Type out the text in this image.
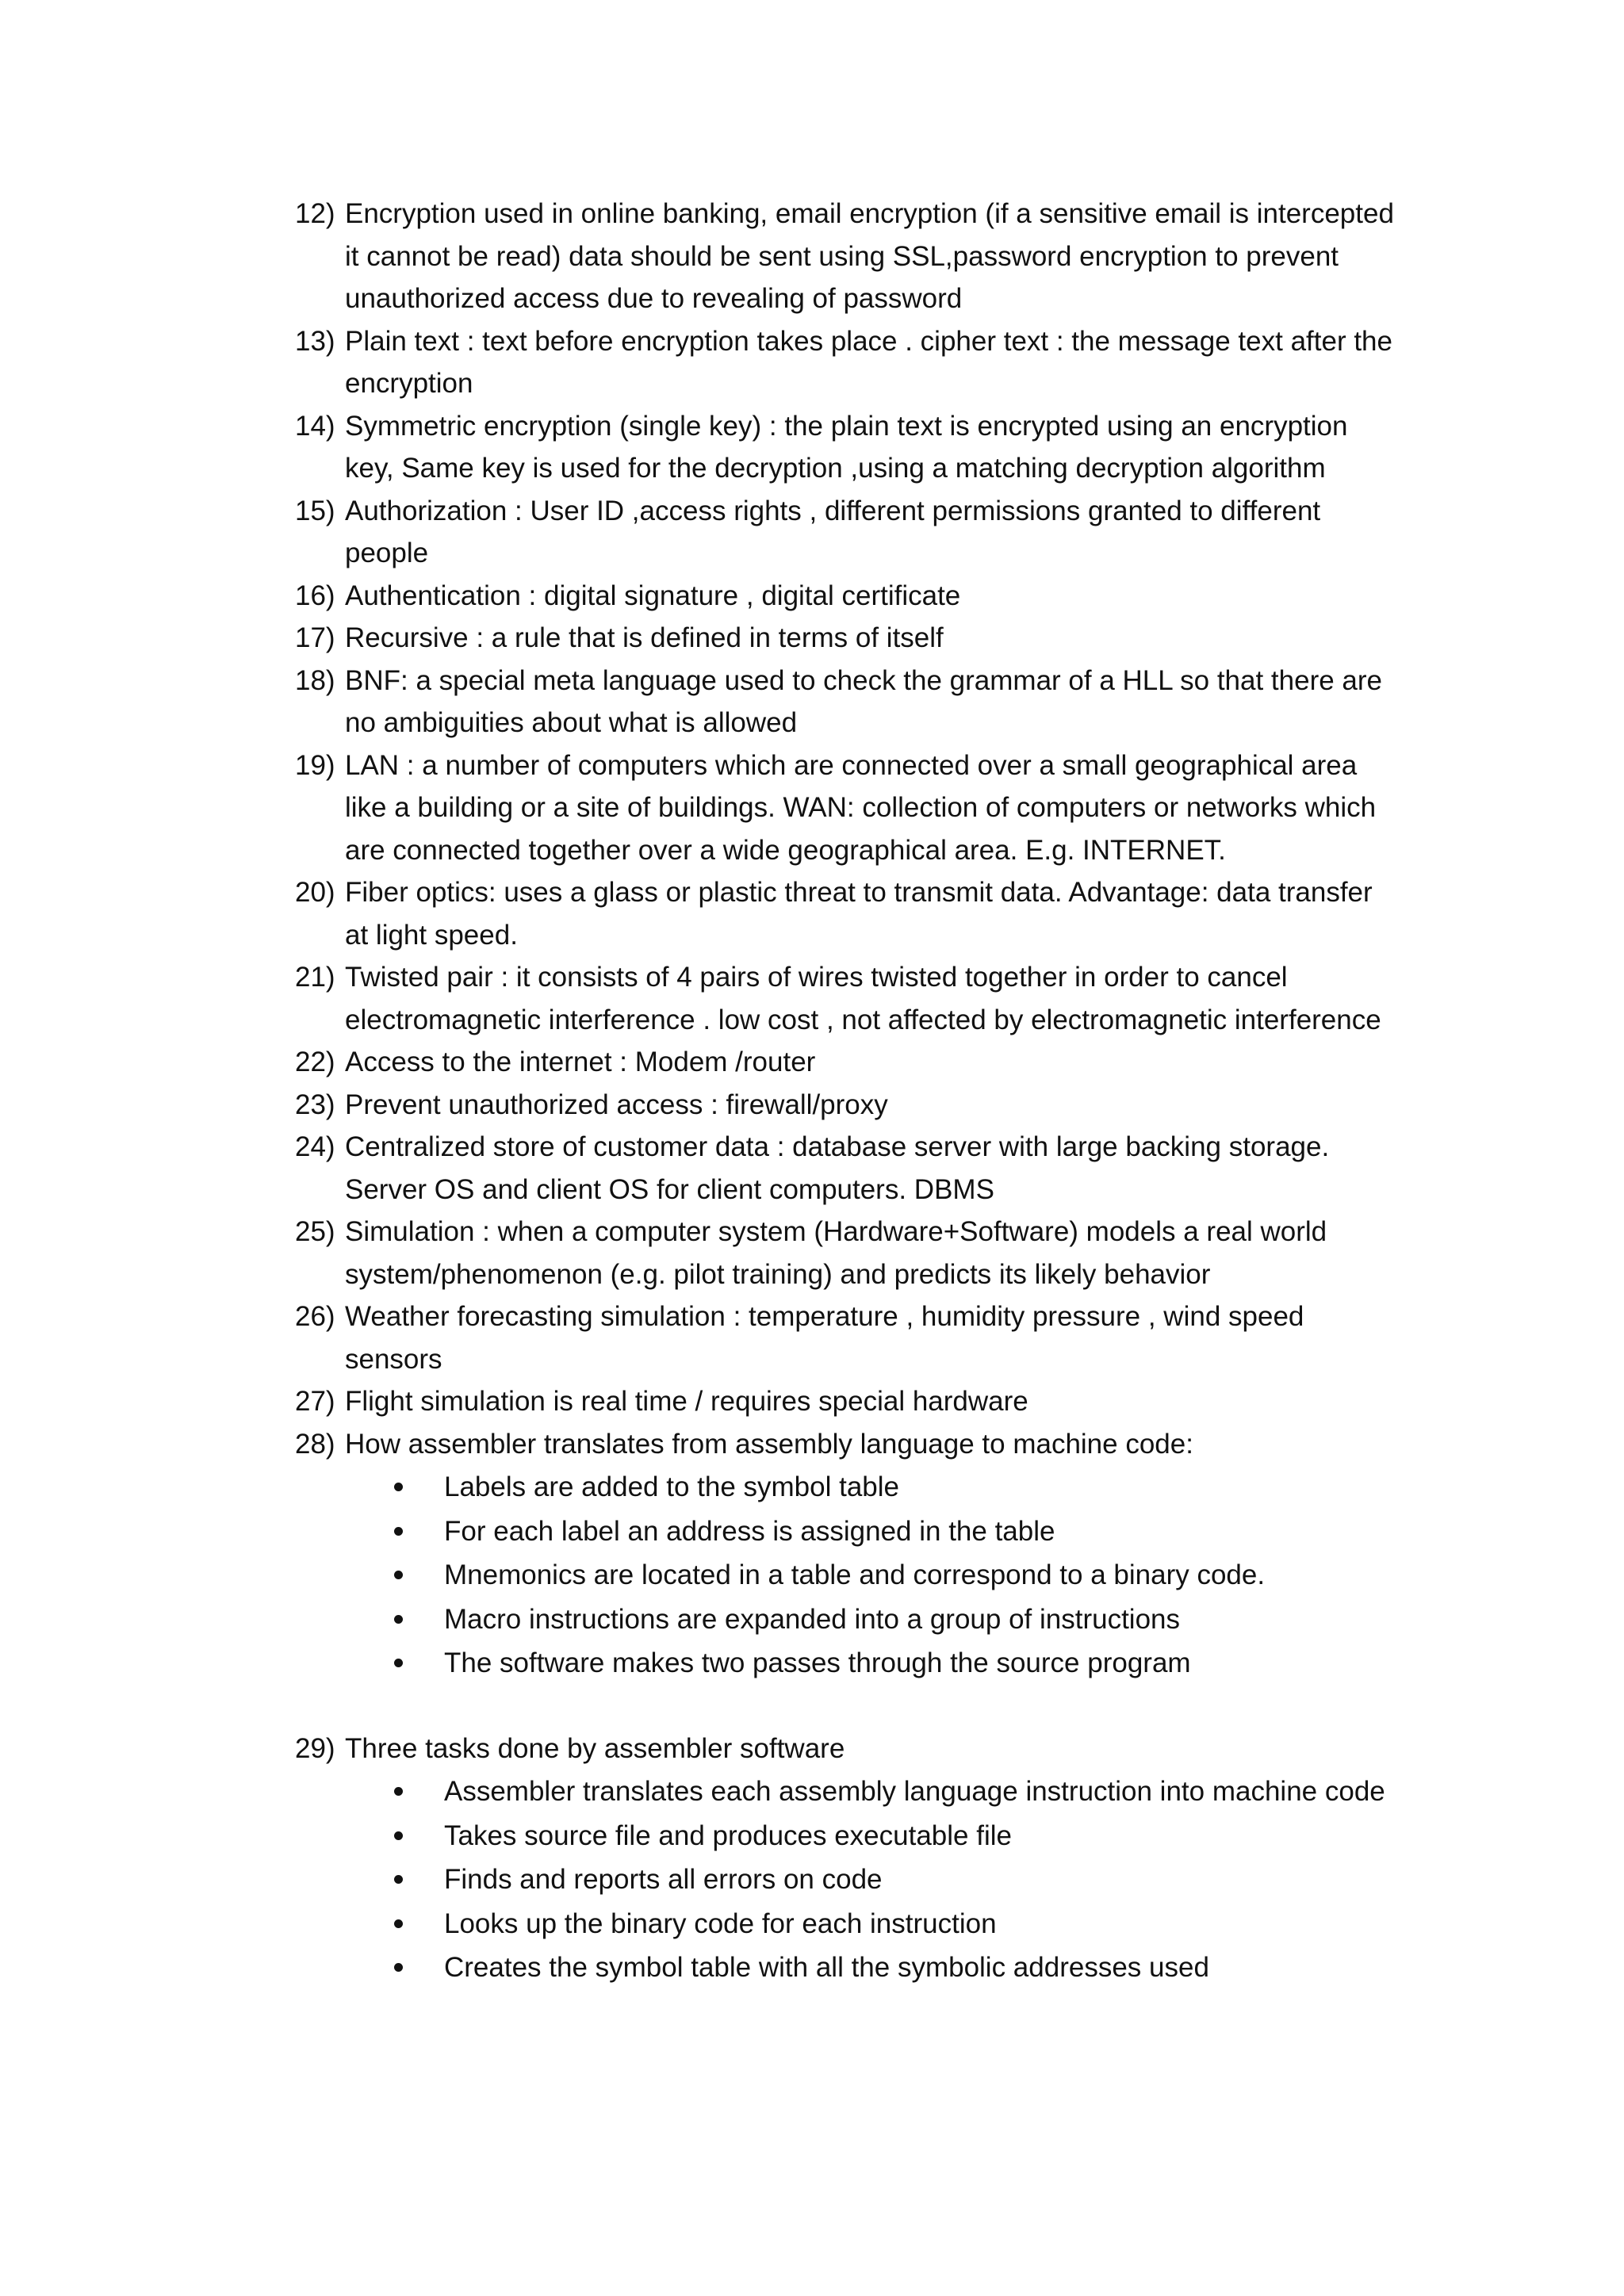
12) Encryption used in online banking, email encryption (if a sensitive email is intercepted it cannot be read) data should be sent using SSL,password encryption to prevent unauthorized access due to revealing of password
13) Plain text : text before encryption takes place . cipher text : the message text after the encryption
14) Symmetric encryption (single key) : the plain text is encrypted using an encryption key, Same key is used for the decryption ,using a matching decryption algorithm
15) Authorization : User ID ,access rights , different permissions granted to different people
16) Authentication : digital signature , digital certificate
17) Recursive : a rule that is defined in terms of itself
18) BNF: a special meta language used to check the grammar of a HLL so that there are no ambiguities about what is allowed
19) LAN : a number of computers which are connected over a small geographical area like a building or a site of buildings. WAN: collection of computers or networks which are connected together over a wide geographical area. E.g. INTERNET.
20) Fiber optics: uses a glass or plastic threat to transmit data. Advantage: data transfer at light speed.
21) Twisted pair : it consists of 4 pairs of wires twisted together in order to cancel electromagnetic interference . low cost , not affected by electromagnetic interference
22) Access to the internet : Modem /router
23) Prevent unauthorized access : firewall/proxy
24) Centralized store of customer data : database server with large backing storage. Server OS and client OS for client computers. DBMS
25) Simulation : when a computer system (Hardware+Software) models a real world system/phenomenon (e.g. pilot training) and predicts its likely behavior
26) Weather forecasting simulation : temperature , humidity pressure , wind speed sensors
27) Flight simulation is real time / requires special hardware
28) How assembler translates from assembly language to machine code:
Labels are added to the symbol table
For each label an address is assigned in the table
Mnemonics are located in a table and correspond to a binary code.
Macro instructions are expanded into a group of instructions
The software makes two passes through the source program
29) Three tasks done by assembler software
Assembler translates each assembly language instruction into machine code
Takes source file and produces executable file
Finds and reports all errors on code
Looks up the binary code for each instruction
Creates the symbol table with all the symbolic addresses used
